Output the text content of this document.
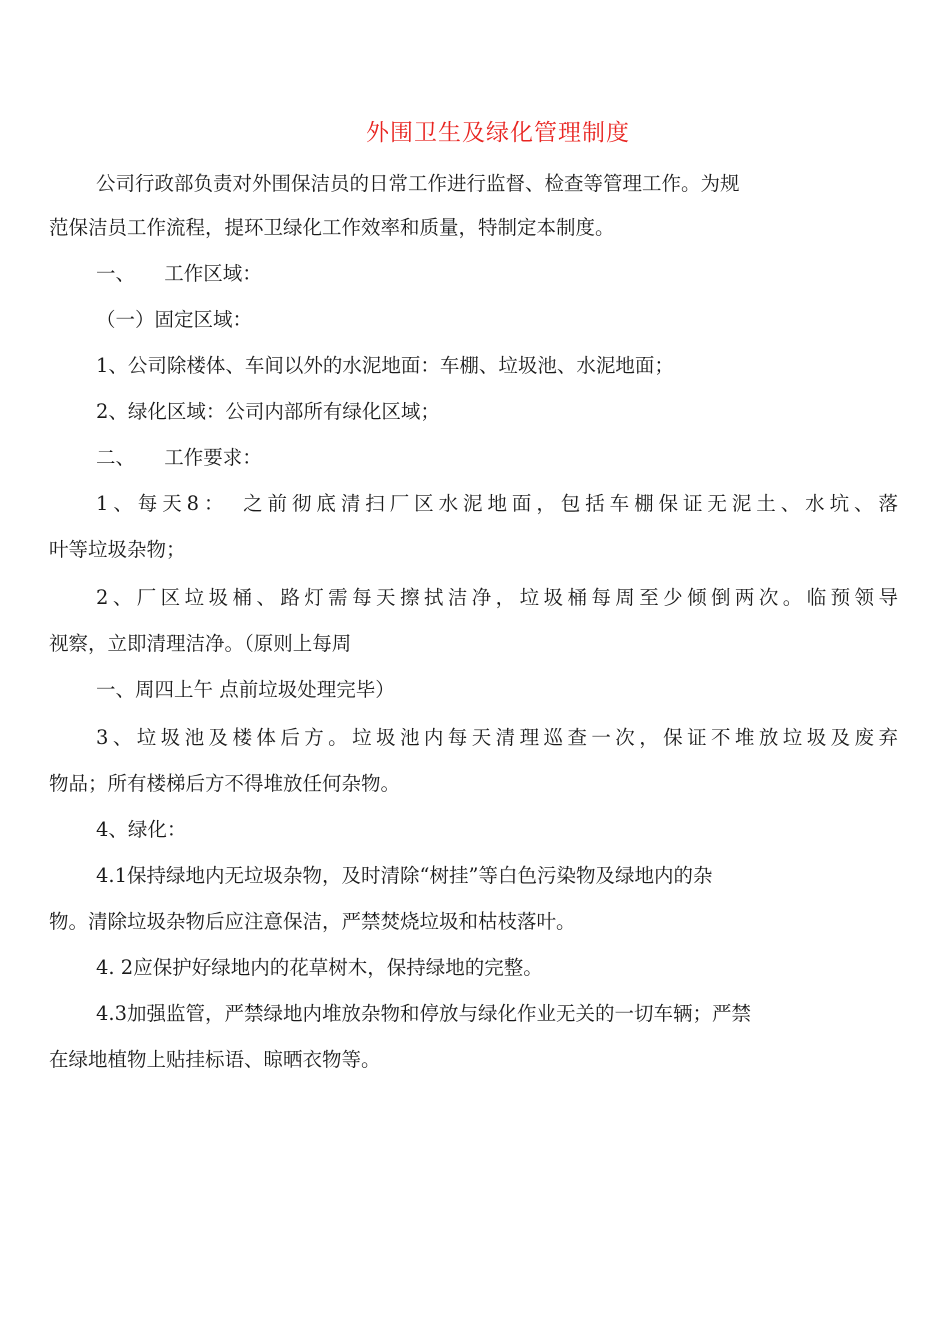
外围卫生及绿化管理制度
公司行政部负责对外围保洁员的日常工作进行监督、检查等管理工作。为规
范保洁员工作流程，提环卫绿化工作效率和质量，特制定本制度。
一、　　工作区域：
（一）固定区域：
1、公司除楼体、车间以外的水泥地面：车棚、垃圾池、水泥地面；
2、绿化区域：公司内部所有绿化区域；
二、　　工作要求：
1、每天8：　之前彻底清扫厂区水泥地面，包括车棚保证无泥土、水坑、落
叶等垃圾杂物；
2、厂区垃圾桶、路灯需每天擦拭洁净，垃圾桶每周至少倾倒两次。临预领导
视察，立即清理洁净。（原则上每周
一、周四上午 点前垃圾处理完毕）
3、垃圾池及楼体后方。垃圾池内每天清理巡查一次，保证不堆放垃圾及废弃
物品；所有楼梯后方不得堆放任何杂物。
4、绿化：
4.1保持绿地内无垃圾杂物，及时清除“树挂”等白色污染物及绿地内的杂
物。清除垃圾杂物后应注意保洁，严禁焚烧垃圾和枯枝落叶。
4. 2应保护好绿地内的花草树木，保持绿地的完整。
4.3加强监管，严禁绿地内堆放杂物和停放与绿化作业无关的一切车辆；严禁
在绿地植物上贴挂标语、晾晒衣物等。
